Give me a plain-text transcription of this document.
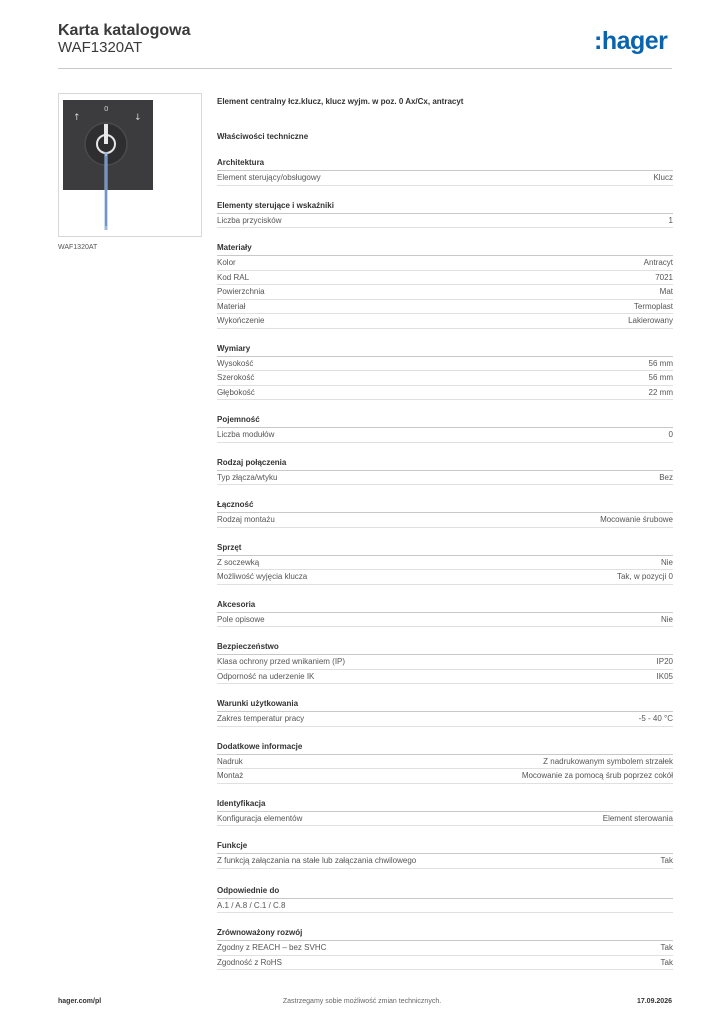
Karta katalogowa
WAF1320AT	:hager
↑
0
↓
WAF1320AT
Element centralny łcz.klucz, klucz wyjm. w poz. 0 Ax/Cx, antracyt
Właściwości techniczne
Architektura
Element sterujący/obsługowy	Klucz
Elementy sterujące i wskaźniki
Liczba przycisków	1
Materiały
Kolor	Antracyt
Kod RAL	7021
Powierzchnia	Mat
Materiał	Termoplast
Wykończenie	Lakierowany
Wymiary
Wysokość	56 mm
Szerokość	56 mm
Głębokość	22 mm
Pojemność
Liczba modułów	0
Rodzaj połączenia
Typ złącza/wtyku	Bez
Łączność
Rodzaj montażu	Mocowanie śrubowe
Sprzęt
Z soczewką	Nie
Możliwość wyjęcia klucza	Tak, w pozycji 0
Akcesoria
Pole opisowe	Nie
Bezpieczeństwo
Klasa ochrony przed wnikaniem (IP)	IP20
Odporność na uderzenie IK	IK05
Warunki użytkowania
Zakres temperatur pracy	-5 - 40 °C
Dodatkowe informacje
Nadruk	Z nadrukowanym symbolem strzałek
Montaż	Mocowanie za pomocą śrub poprzez cokół
Identyfikacja
Konfiguracja elementów	Element sterowania
Funkcje
Z funkcją załączania na stałe lub załączania chwilowego	Tak
Odpowiednie do
A.1 / A.8 / C.1 / C.8
Zrównoważony rozwój
Zgodny z REACH – bez SVHC	Tak
Zgodność z RoHS	Tak
hager.com/pl	Zastrzegamy sobie możliwość zmian technicznych.	17.09.2026
